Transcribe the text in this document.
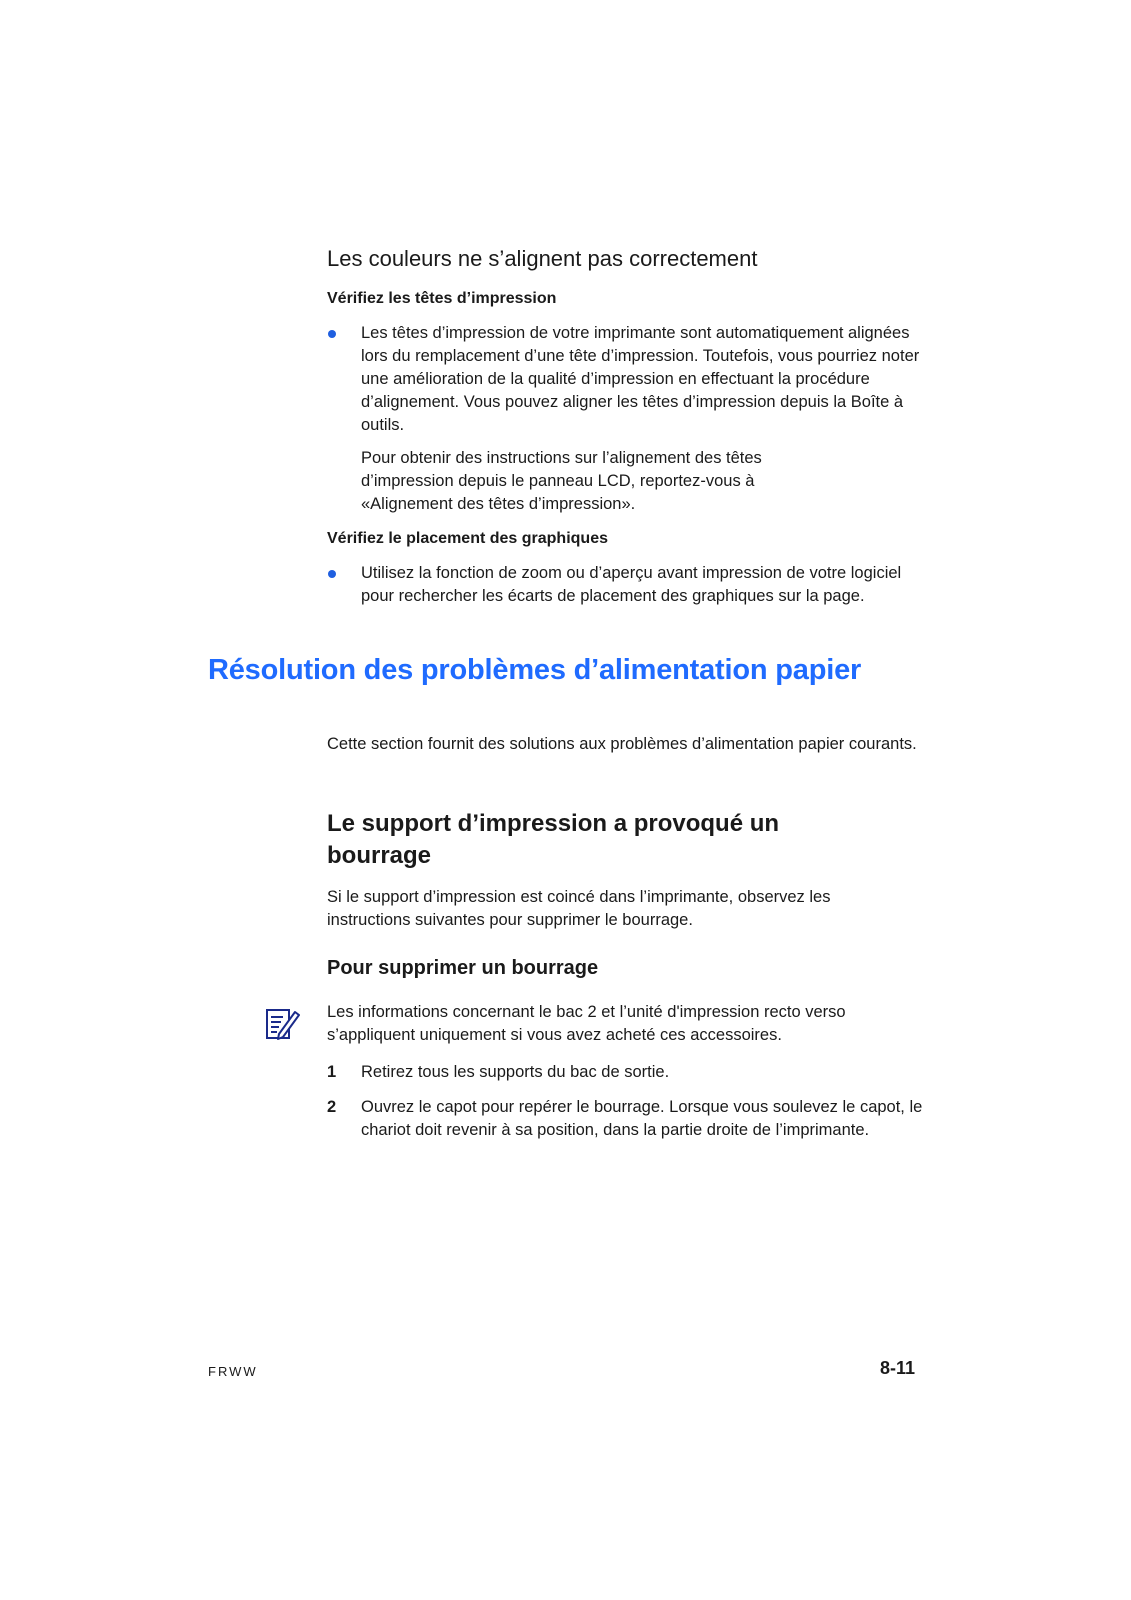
Les couleurs ne s’alignent pas correctement

Vérifiez les têtes d’impression

Les têtes d’impression de votre imprimante sont automatiquement alignées lors du remplacement d’une tête d’impression. Toutefois, vous pourriez noter une amélioration de la qualité d’impression en effectuant la procédure d’alignement. Vous pouvez aligner les têtes d’impression depuis la Boîte à outils.

Pour obtenir des instructions sur l’alignement des têtes d’impression depuis le panneau LCD, reportez-vous à «Alignement des têtes d’impression».

Vérifiez le placement des graphiques

Utilisez la fonction de zoom ou d’aperçu avant impression de votre logiciel pour rechercher les écarts de placement des graphiques sur la page.

Résolution des problèmes d’alimentation papier

Cette section fournit des solutions aux problèmes d’alimentation papier courants.

Le support d’impression a provoqué un bourrage

Si le support d’impression est coincé dans l’imprimante, observez les instructions suivantes pour supprimer le bourrage.

Pour supprimer un bourrage

Les informations concernant le bac 2 et l’unité d'impression recto verso s’appliquent uniquement si vous avez acheté ces accessoires.

1 Retirez tous les supports du bac de sortie.

2 Ouvrez le capot pour repérer le bourrage. Lorsque vous soulevez le capot, le chariot doit revenir à sa position, dans la partie droite de l’imprimante.

FRWW	8-11
